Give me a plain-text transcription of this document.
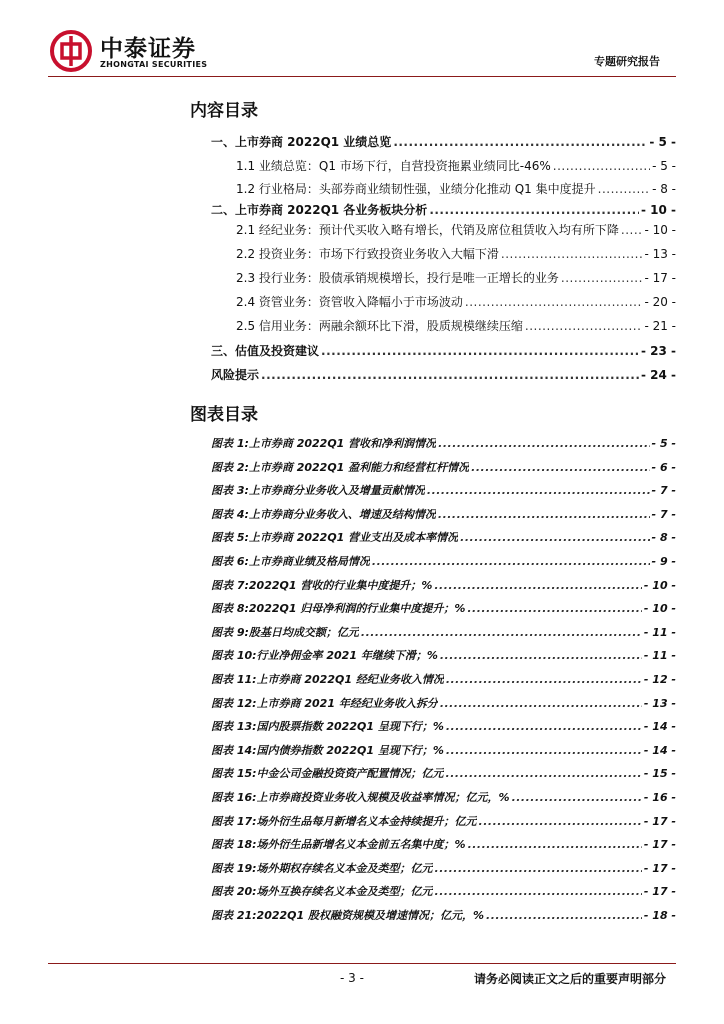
中泰证券
ZHONGTAI SECURITIES	专题研究报告
内容目录
一、上市券商 2022Q1 业绩总览 .....	- 5 -
1.1 业绩总览：Q1 市场下行，自营投资拖累业绩同比-46% .....	- 5 -
1.2 行业格局：头部券商业绩韧性强，业绩分化推动 Q1 集中度提升 .....	- 8 -
二、上市券商 2022Q1 各业务板块分析 .....	- 10 -
2.1 经纪业务：预计代买收入略有增长，代销及席位租赁收入均有所下降 ..... - 10 -
2.2 投资业务：市场下行致投资业务收入大幅下滑 .....	- 13 -
2.3 投行业务：股债承销规模增长，投行是唯一正增长的业务 .....	- 17 -
2.4 资管业务：资管收入降幅小于市场波动 .....	- 20 -
2.5 信用业务：两融余额环比下滑，股质规模继续压缩 .....	- 21 -
三、估值及投资建议 .....	- 23 -
风险提示 .....	- 24 -
图表目录
图表 1: 上市券商 2022Q1 营收和净利润情况 .....	- 5 -
图表 2: 上市券商 2022Q1 盈利能力和经营杠杆情况 .....	- 6 -
图表 3: 上市券商分业务收入及增量贡献情况 .....	- 7 -
图表 4: 上市券商分业务收入、增速及结构情况 .....	- 7 -
图表 5: 上市券商 2022Q1 营业支出及成本率情况 .....	- 8 -
图表 6: 上市券商业绩及格局情况 .....	- 9 -
图表 7: 2022Q1 营收的行业集中度提升；% .....	- 10 -
图表 8: 2022Q1 归母净利润的行业集中度提升；% .....	- 10 -
图表 9: 股基日均成交额；亿元 .....	- 11 -
图表 10: 行业净佣金率 2021 年继续下滑；% .....	- 11 -
图表 11: 上市券商 2022Q1 经纪业务收入情况 .....	- 12 -
图表 12: 上市券商 2021 年经纪业务收入拆分 .....	- 13 -
图表 13: 国内股票指数 2022Q1 呈现下行；% .....	- 14 -
图表 14: 国内债券指数 2022Q1 呈现下行；% .....	- 14 -
图表 15: 中金公司金融投资资产配置情况；亿元 .....	- 15 -
图表 16: 上市券商投资业务收入规模及收益率情况；亿元，% .....	- 16 -
图表 17: 场外衍生品每月新增名义本金持续提升；亿元 .....	- 17 -
图表 18: 场外衍生品新增名义本金前五名集中度；% .....	- 17 -
图表 19: 场外期权存续名义本金及类型；亿元 .....	- 17 -
图表 20: 场外互换存续名义本金及类型；亿元 .....	- 17 -
图表 21: 2022Q1 股权融资规模及增速情况；亿元，% .....	- 18 -
- 3 -	请务必阅读正文之后的重要声明部分
